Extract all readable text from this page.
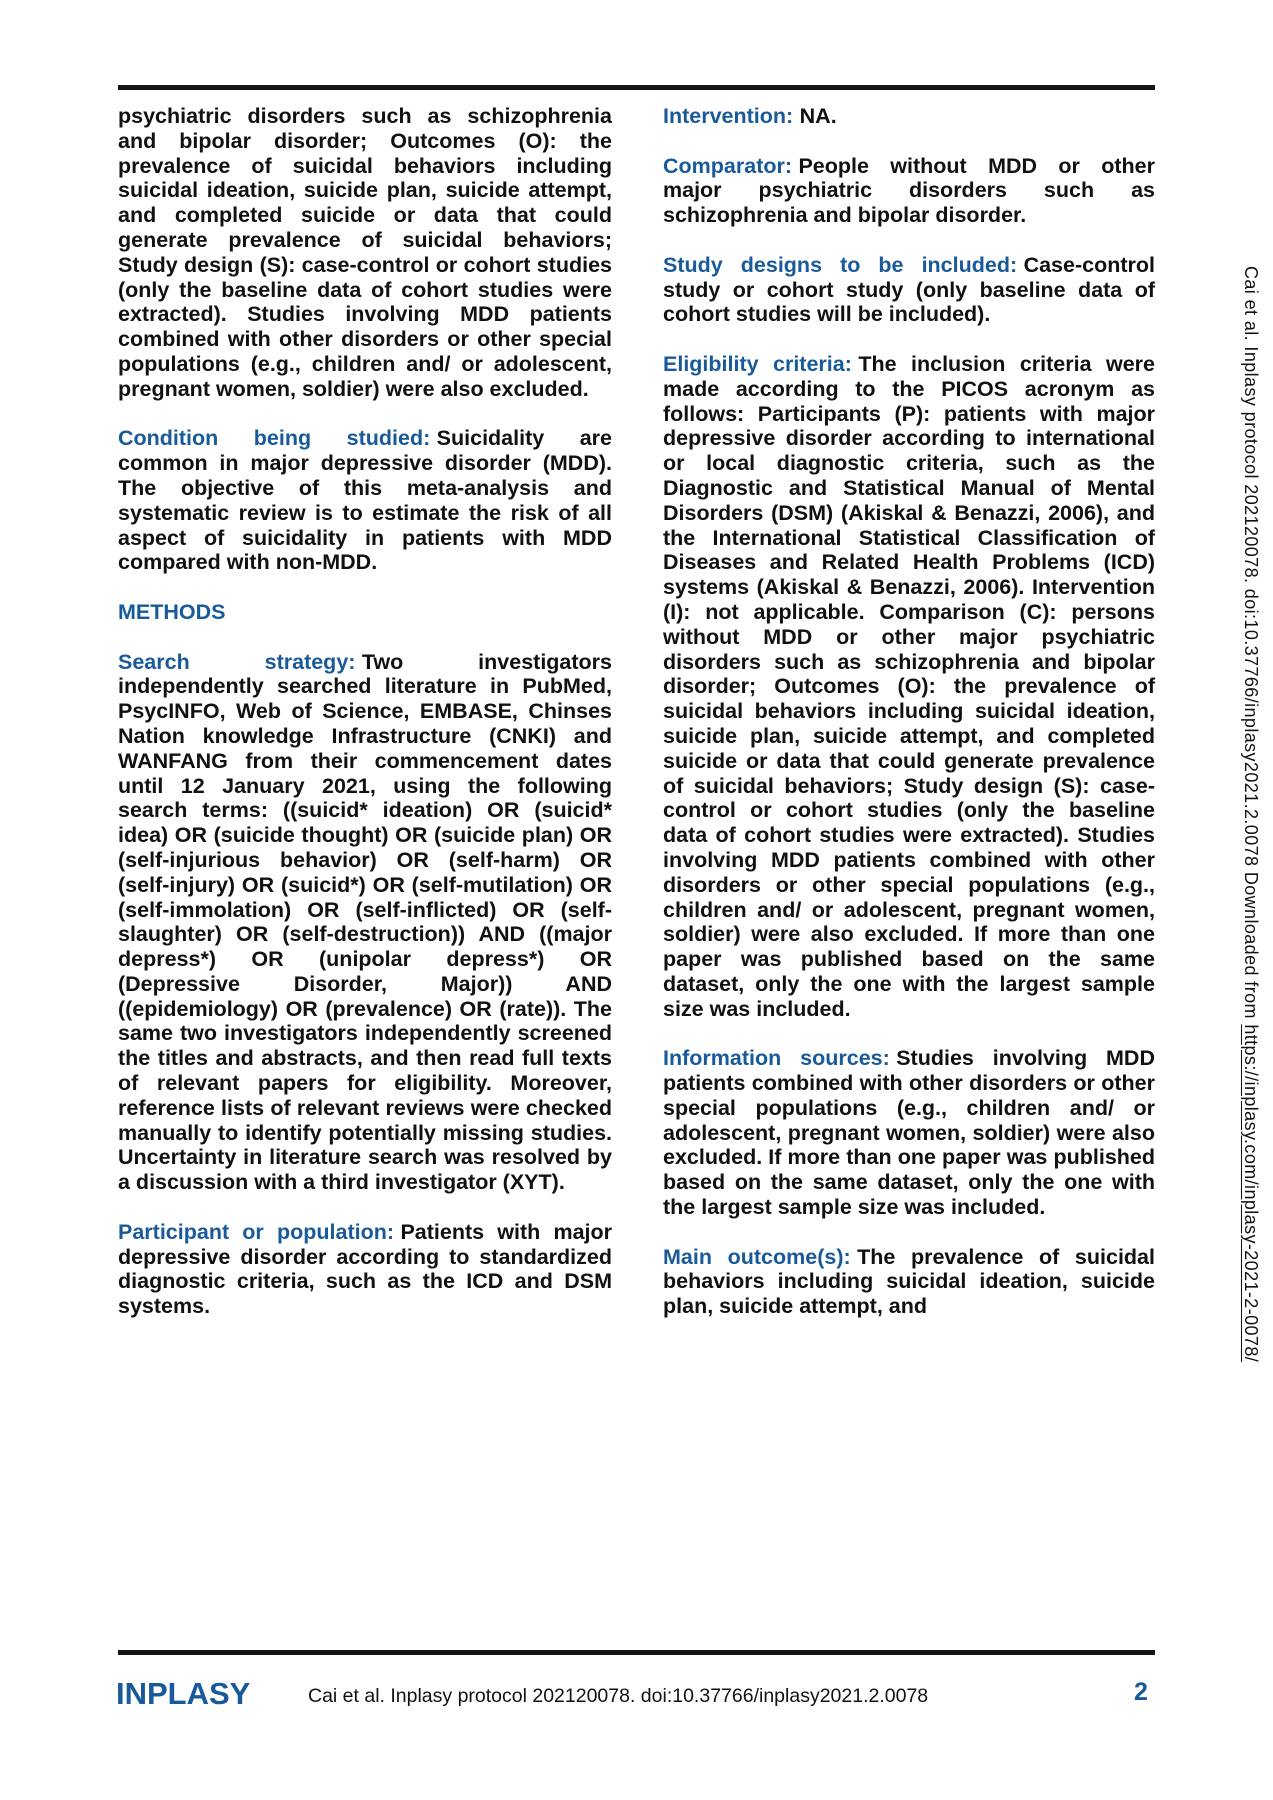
psychiatric disorders such as schizophrenia and bipolar disorder; Outcomes (O): the prevalence of suicidal behaviors including suicidal ideation, suicide plan, suicide attempt, and completed suicide or data that could generate prevalence of suicidal behaviors; Study design (S): case-control or cohort studies (only the baseline data of cohort studies were extracted). Studies involving MDD patients combined with other disorders or other special populations (e.g., children and/ or adolescent, pregnant women, soldier) were also excluded.

Condition being studied: Suicidality are common in major depressive disorder (MDD). The objective of this meta-analysis and systematic review is to estimate the risk of all aspect of suicidality in patients with MDD compared with non-MDD.

METHODS

Search strategy: Two investigators independently searched literature in PubMed, PsycINFO, Web of Science, EMBASE, Chinses Nation knowledge Infrastructure (CNKI) and WANFANG from their commencement dates until 12 January 2021, using the following search terms: ((suicid* ideation) OR (suicid* idea) OR (suicide thought) OR (suicide plan) OR (self-injurious behavior) OR (self-harm) OR (self-injury) OR (suicid*) OR (self-mutilation) OR (self-immolation) OR (self-inflicted) OR (self-slaughter) OR (self-destruction)) AND ((major depress*) OR (unipolar depress*) OR (Depressive Disorder, Major)) AND ((epidemiology) OR (prevalence) OR (rate)). The same two investigators independently screened the titles and abstracts, and then read full texts of relevant papers for eligibility. Moreover, reference lists of relevant reviews were checked manually to identify potentially missing studies. Uncertainty in literature search was resolved by a discussion with a third investigator (XYT).

Participant or population: Patients with major depressive disorder according to standardized diagnostic criteria, such as the ICD and DSM systems.

Intervention: NA.

Comparator: People without MDD or other major psychiatric disorders such as schizophrenia and bipolar disorder.

Study designs to be included: Case-control study or cohort study (only baseline data of cohort studies will be included).

Eligibility criteria: The inclusion criteria were made according to the PICOS acronym as follows: Participants (P): patients with major depressive disorder according to international or local diagnostic criteria, such as the Diagnostic and Statistical Manual of Mental Disorders (DSM) (Akiskal & Benazzi, 2006), and the International Statistical Classification of Diseases and Related Health Problems (ICD) systems (Akiskal & Benazzi, 2006). Intervention (I): not applicable. Comparison (C): persons without MDD or other major psychiatric disorders such as schizophrenia and bipolar disorder; Outcomes (O): the prevalence of suicidal behaviors including suicidal ideation, suicide plan, suicide attempt, and completed suicide or data that could generate prevalence of suicidal behaviors; Study design (S): case-control or cohort studies (only the baseline data of cohort studies were extracted). Studies involving MDD patients combined with other disorders or other special populations (e.g., children and/ or adolescent, pregnant women, soldier) were also excluded. If more than one paper was published based on the same dataset, only the one with the largest sample size was included.

Information sources: Studies involving MDD patients combined with other disorders or other special populations (e.g., children and/ or adolescent, pregnant women, soldier) were also excluded. If more than one paper was published based on the same dataset, only the one with the largest sample size was included.

Main outcome(s): The prevalence of suicidal behaviors including suicidal ideation, suicide plan, suicide attempt, and

Cai et al. Inplasy protocol 202120078. doi:10.37766/inplasy2021.2.0078 Downloaded from https://inplasy.com/inplasy-2021-2-0078/
INPLASY	Cai et al. Inplasy protocol 202120078. doi:10.37766/inplasy2021.2.0078	2
